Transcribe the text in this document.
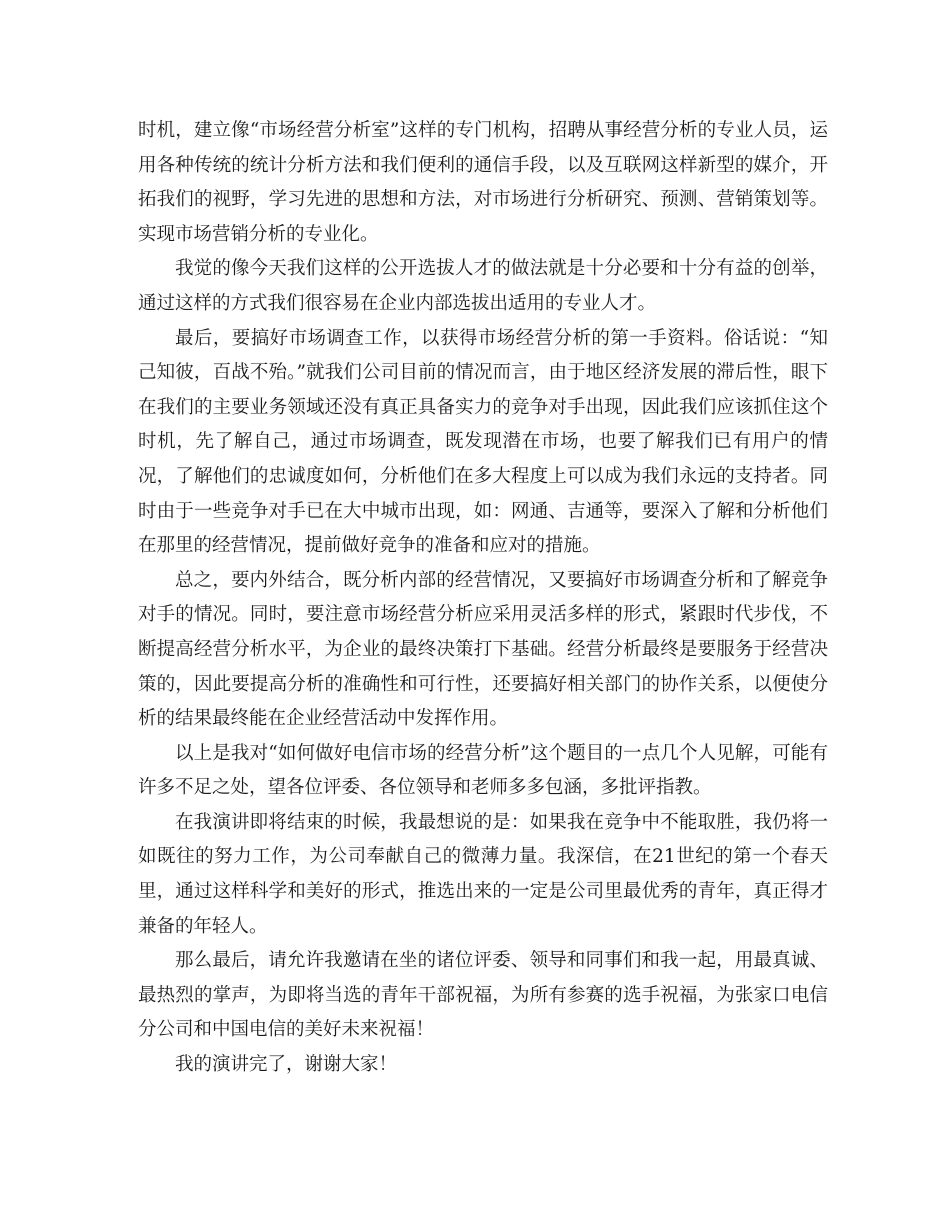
时机，建立像“市场经营分析室”这样的专门机构，招聘从事经营分析的专业人员，运用各种传统的统计分析方法和我们便利的通信手段，以及互联网这样新型的媒介，开拓我们的视野，学习先进的思想和方法，对市场进行分析研究、预测、营销策划等。实现市场营销分析的专业化。

我觉的像今天我们这样的公开选拔人才的做法就是十分必要和十分有益的创举，通过这样的方式我们很容易在企业内部选拔出适用的专业人才。

最后，要搞好市场调查工作，以获得市场经营分析的第一手资料。俗话说：“知己知彼，百战不殆。”就我们公司目前的情况而言，由于地区经济发展的滞后性，眼下在我们的主要业务领域还没有真正具备实力的竞争对手出现，因此我们应该抓住这个时机，先了解自己，通过市场调查，既发现潜在市场，也要了解我们已有用户的情况，了解他们的忠诚度如何，分析他们在多大程度上可以成为我们永远的支持者。同时由于一些竞争对手已在大中城市出现，如：网通、吉通等，要深入了解和分析他们在那里的经营情况，提前做好竞争的准备和应对的措施。

总之，要内外结合，既分析内部的经营情况，又要搞好市场调查分析和了解竞争对手的情况。同时，要注意市场经营分析应采用灵活多样的形式，紧跟时代步伐，不断提高经营分析水平，为企业的最终决策打下基础。经营分析最终是要服务于经营决策的，因此要提高分析的准确性和可行性，还要搞好相关部门的协作关系，以便使分析的结果最终能在企业经营活动中发挥作用。

以上是我对“如何做好电信市场的经营分析”这个题目的一点几个人见解，可能有许多不足之处，望各位评委、各位领导和老师多多包涵，多批评指教。

在我演讲即将结束的时候，我最想说的是：如果我在竞争中不能取胜，我仍将一如既往的努力工作，为公司奉献自己的微薄力量。我深信，在21世纪的第一个春天里，通过这样科学和美好的形式，推选出来的一定是公司里最优秀的青年，真正得才兼备的年轻人。

那么最后，请允许我邀请在坐的诸位评委、领导和同事们和我一起，用最真诚、最热烈的掌声，为即将当选的青年干部祝福，为所有参赛的选手祝福，为张家口电信分公司和中国电信的美好未来祝福！

我的演讲完了，谢谢大家！
